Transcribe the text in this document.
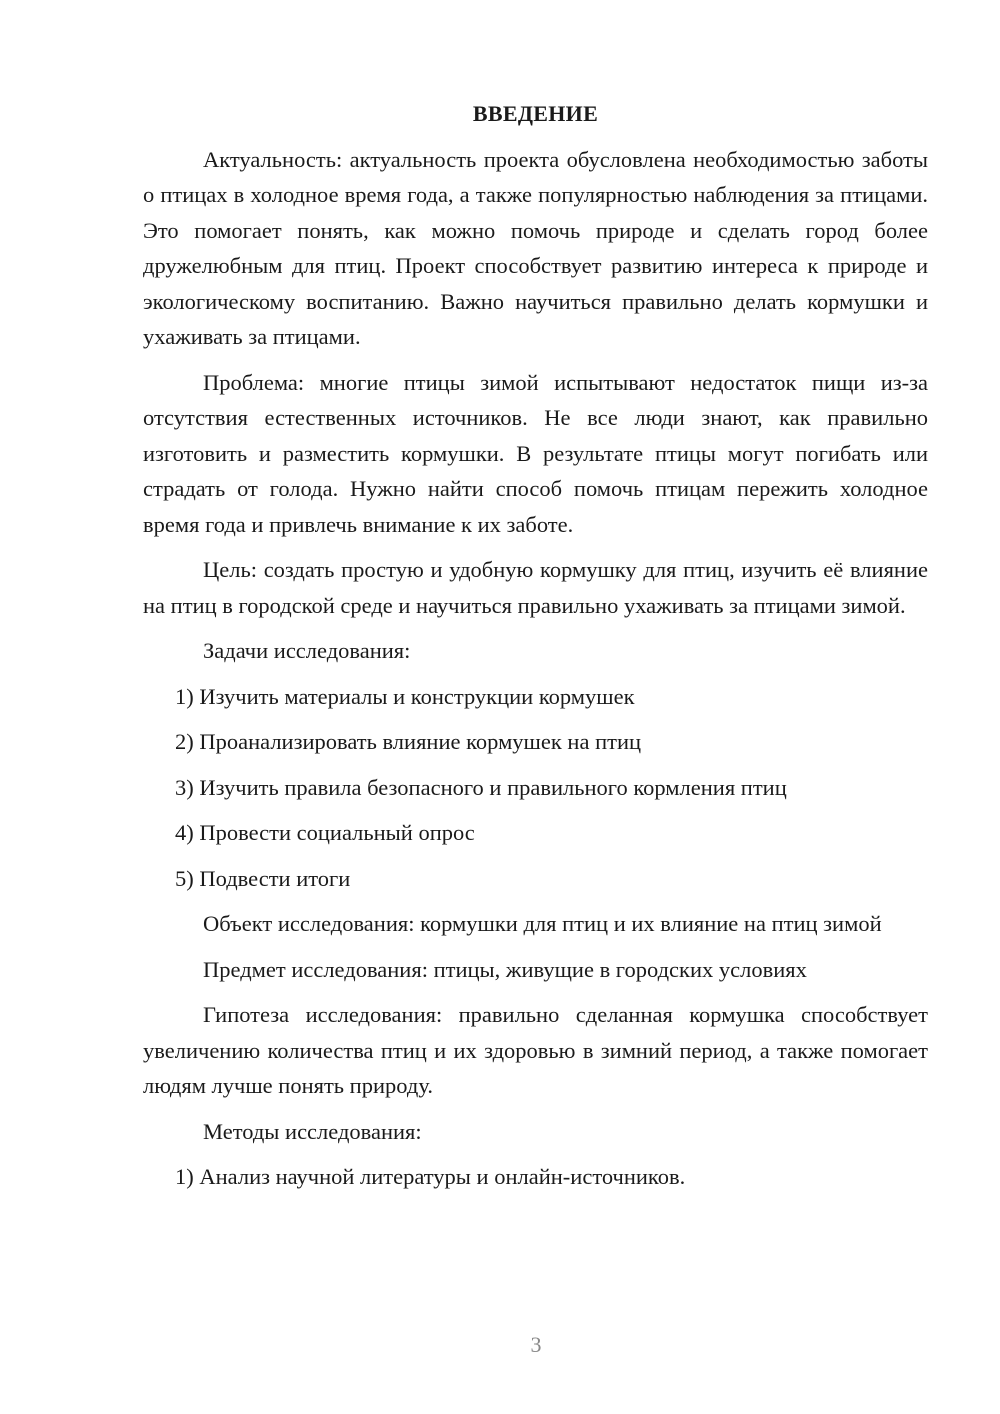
ВВЕДЕНИЕ

Актуальность: актуальность проекта обусловлена необходимостью заботы о птицах в холодное время года, а также популярностью наблюдения за птицами. Это помогает понять, как можно помочь природе и сделать город более дружелюбным для птиц. Проект способствует развитию интереса к природе и экологическому воспитанию. Важно научиться правильно делать кормушки и ухаживать за птицами.

Проблема: многие птицы зимой испытывают недостаток пищи из-за отсутствия естественных источников. Не все люди знают, как правильно изготовить и разместить кормушки. В результате птицы могут погибать или страдать от голода. Нужно найти способ помочь птицам пережить холодное время года и привлечь внимание к их заботе.

Цель: создать простую и удобную кормушку для птиц, изучить её влияние на птиц в городской среде и научиться правильно ухаживать за птицами зимой.

Задачи исследования:

1) Изучить материалы и конструкции кормушек
2) Проанализировать влияние кормушек на птиц
3) Изучить правила безопасного и правильного кормления птиц
4) Провести социальный опрос
5) Подвести итоги

Объект исследования: кормушки для птиц и их влияние на птиц зимой

Предмет исследования: птицы, живущие в городских условиях

Гипотеза исследования: правильно сделанная кормушка способствует увеличению количества птиц и их здоровью в зимний период, а также помогает людям лучше понять природу.

Методы исследования:

1) Анализ научной литературы и онлайн-источников.
3
